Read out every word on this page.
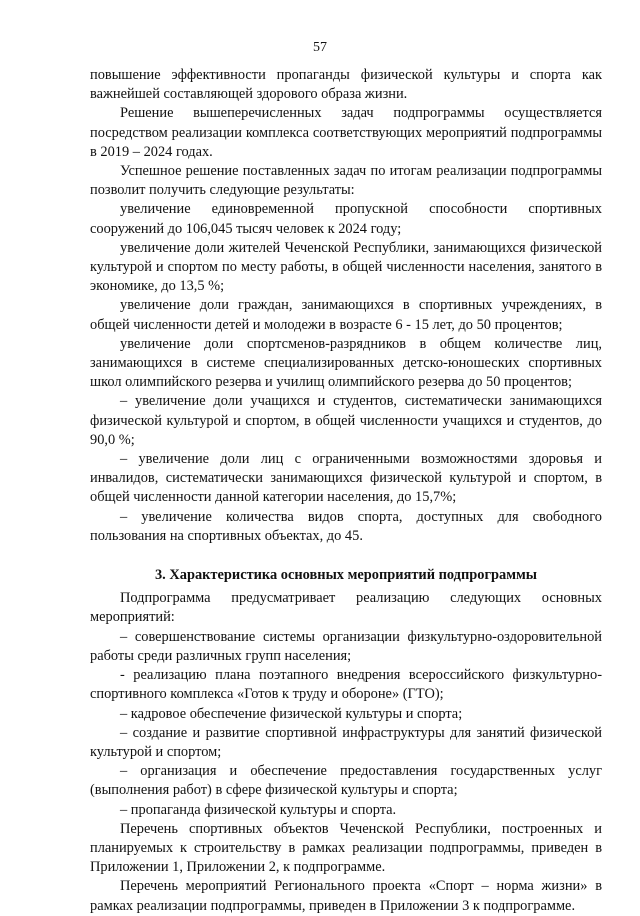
57

повышение эффективности пропаганды физической культуры и спорта как важнейшей составляющей здорового образа жизни.

Решение вышеперечисленных задач подпрограммы осуществляется посредством реализации комплекса соответствующих мероприятий подпрограммы в 2019 – 2024 годах.

Успешное решение поставленных задач по итогам реализации подпрограммы позволит получить следующие результаты:

увеличение единовременной пропускной способности спортивных сооружений до 106,045 тысяч человек к 2024 году;

увеличение доли жителей Чеченской Республики, занимающихся физической культурой и спортом по месту работы, в общей численности населения, занятого в экономике, до 13,5 %;

увеличение доли граждан, занимающихся в спортивных учреждениях, в общей численности детей и молодежи в возрасте 6 - 15 лет, до 50 процентов;

увеличение доли спортсменов-разрядников в общем количестве лиц, занимающихся в системе специализированных детско-юношеских спортивных школ олимпийского резерва и училищ олимпийского резерва до 50 процентов;

– увеличение доли учащихся и студентов, систематически занимающихся физической культурой и спортом, в общей численности учащихся и студентов, до 90,0 %;

– увеличение доли лиц с ограниченными возможностями здоровья и инвалидов, систематически занимающихся физической культурой и спортом, в общей численности данной категории населения, до 15,7%;

– увеличение количества видов спорта, доступных для свободного пользования на спортивных объектах, до 45.

3. Характеристика основных мероприятий подпрограммы

Подпрограмма предусматривает реализацию следующих основных мероприятий:

– совершенствование системы организации физкультурно-оздоровительной работы среди различных групп населения;

- реализацию плана поэтапного внедрения всероссийского физкультурно-спортивного комплекса «Готов к труду и обороне» (ГТО);

– кадровое обеспечение физической культуры и спорта;

– создание и развитие спортивной инфраструктуры для занятий физической культурой и спортом;

– организация и обеспечение предоставления государственных услуг (выполнения работ) в сфере физической культуры и спорта;

– пропаганда физической культуры и спорта.

Перечень спортивных объектов Чеченской Республики, построенных и планируемых к строительству в рамках реализации подпрограммы, приведен в Приложении 1, Приложении 2, к подпрограмме.

Перечень мероприятий Регионального проекта «Спорт – норма жизни» в рамках реализации подпрограммы, приведен в Приложении 3 к подпрограмме.
